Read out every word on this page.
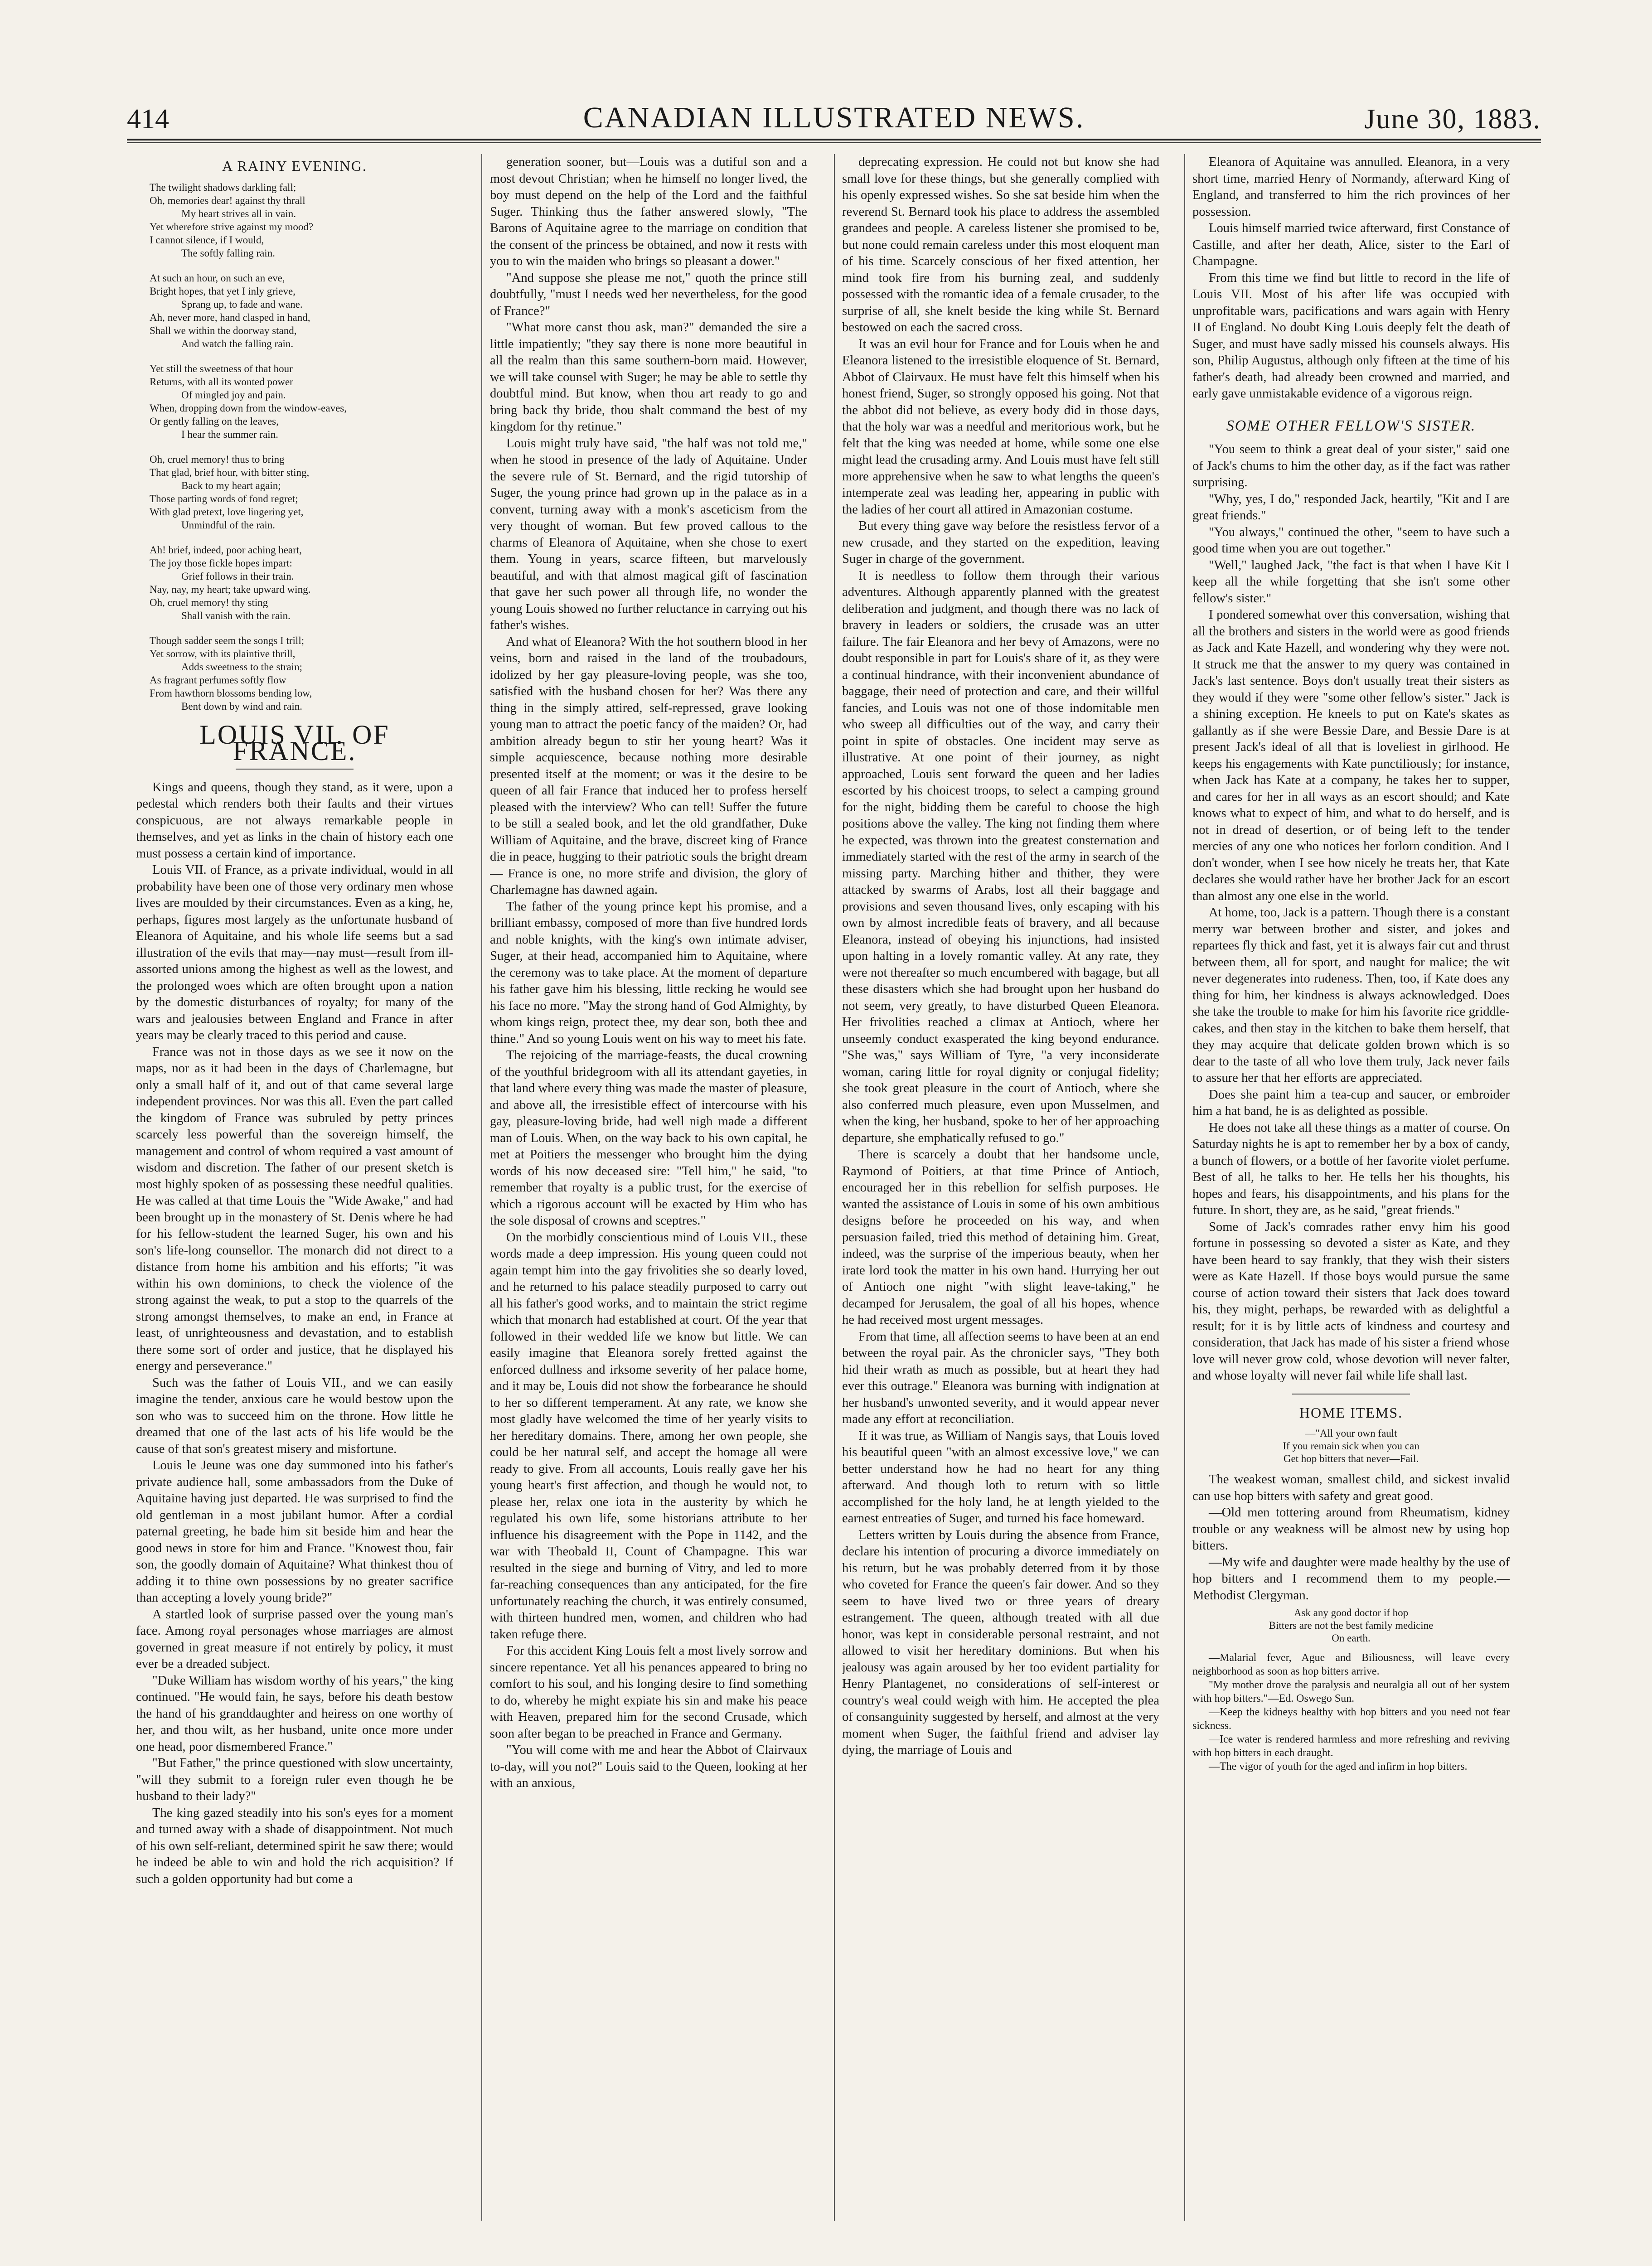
414	CANADIAN ILLUSTRATED NEWS.	June 30, 1883.
A RAINY EVENING.
The twilight shadows darkling fall;
Oh, memories dear! against thy thrall
My heart strives all in vain.
Yet wherefore strive against my mood?
I cannot silence, if I would,
The softly falling rain.
At such an hour, on such an eve,
Bright hopes, that yet I inly grieve,
Sprang up, to fade and wane.
Ah, never more, hand clasped in hand,
Shall we within the doorway stand,
And watch the falling rain.
Yet still the sweetness of that hour
Returns, with all its wonted power
Of mingled joy and pain.
When, dropping down from the window-eaves,
Or gently falling on the leaves,
I hear the summer rain.
Oh, cruel memory! thus to bring
That glad, brief hour, with bitter sting,
Back to my heart again;
Those parting words of fond regret;
With glad pretext, love lingering yet,
Unmindful of the rain.
Ah! brief, indeed, poor aching heart,
The joy those fickle hopes impart:
Grief follows in their train.
Nay, nay, my heart; take upward wing.
Oh, cruel memory! thy sting
Shall vanish with the rain.
Though sadder seem the songs I trill;
Yet sorrow, with its plaintive thrill,
Adds sweetness to the strain;
As fragrant perfumes softly flow
From hawthorn blossoms bending low,
Bent down by wind and rain.
LOUIS VII. OF FRANCE.

Kings and queens, though they stand, as it were, upon a pedestal which renders both their faults and their virtues conspicuous, are not always remarkable people in themselves, and yet as links in the chain of history each one must possess a certain kind of importance.

Louis VII. of France, as a private individual, would in all probability have been one of those very ordinary men whose lives are moulded by their circumstances. Even as a king, he, perhaps, figures most largely as the unfortunate husband of Eleanora of Aquitaine, and his whole life seems but a sad illustration of the evils that may—nay must—result from ill-assorted unions among the highest as well as the lowest, and the prolonged woes which are often brought upon a nation by the domestic disturbances of royalty; for many of the wars and jealousies between England and France in after years may be clearly traced to this period and cause.

France was not in those days as we see it now on the maps, nor as it had been in the days of Charlemagne, but only a small half of it, and out of that came several large independent provinces. Nor was this all. Even the part called the kingdom of France was subruled by petty princes scarcely less powerful than the sovereign himself, the management and control of whom required a vast amount of wisdom and discretion. The father of our present sketch is most highly spoken of as possessing these needful qualities. He was called at that time Louis the "Wide Awake," and had been brought up in the monastery of St. Denis where he had for his fellow-student the learned Suger, his own and his son's life-long counsellor. The monarch did not direct to a distance from home his ambition and his efforts; "it was within his own dominions, to check the violence of the strong against the weak, to put a stop to the quarrels of the strong amongst themselves, to make an end, in France at least, of unrighteousness and devastation, and to establish there some sort of order and justice, that he displayed his energy and perseverance."

Such was the father of Louis VII., and we can easily imagine the tender, anxious care he would bestow upon the son who was to succeed him on the throne. How little he dreamed that one of the last acts of his life would be the cause of that son's greatest misery and misfortune.

Louis le Jeune was one day summoned into his father's private audience hall, some ambassadors from the Duke of Aquitaine having just departed. He was surprised to find the old gentleman in a most jubilant humor. After a cordial paternal greeting, he bade him sit beside him and hear the good news in store for him and France. "Knowest thou, fair son, the goodly domain of Aquitaine? What thinkest thou of adding it to thine own possessions by no greater sacrifice than accepting a lovely young bride?"

A startled look of surprise passed over the young man's face. Among royal personages whose marriages are almost governed in great measure if not entirely by policy, it must ever be a dreaded subject.

"Duke William has wisdom worthy of his years," the king continued. "He would fain, he says, before his death bestow the hand of his granddaughter and heiress on one worthy of her, and thou wilt, as her husband, unite once more under one head, poor dismembered France."

"But Father," the prince questioned with slow uncertainty, "will they submit to a foreign ruler even though he be husband to their lady?"

The king gazed steadily into his son's eyes for a moment and turned away with a shade of disappointment. Not much of his own self-reliant, determined spirit he saw there; would he indeed be able to win and hold the rich acquisition? If such a golden opportunity had but come a

generation sooner, but—Louis was a dutiful son and a most devout Christian; when he himself no longer lived, the boy must depend on the help of the Lord and the faithful Suger. Thinking thus the father answered slowly, "The Barons of Aquitaine agree to the marriage on condition that the consent of the princess be obtained, and now it rests with you to win the maiden who brings so pleasant a dower."

"And suppose she please me not," quoth the prince still doubtfully, "must I needs wed her nevertheless, for the good of France?"

"What more canst thou ask, man?" demanded the sire a little impatiently; "they say there is none more beautiful in all the realm than this same southern-born maid. However, we will take counsel with Suger; he may be able to settle thy doubtful mind. But know, when thou art ready to go and bring back thy bride, thou shalt command the best of my kingdom for thy retinue."

Louis might truly have said, "the half was not told me," when he stood in presence of the lady of Aquitaine. Under the severe rule of St. Bernard, and the rigid tutorship of Suger, the young prince had grown up in the palace as in a convent, turning away with a monk's asceticism from the very thought of woman. But few proved callous to the charms of Eleanora of Aquitaine, when she chose to exert them. Young in years, scarce fifteen, but marvelously beautiful, and with that almost magical gift of fascination that gave her such power all through life, no wonder the young Louis showed no further reluctance in carrying out his father's wishes.

And what of Eleanora? With the hot southern blood in her veins, born and raised in the land of the troubadours, idolized by her gay pleasure-loving people, was she too, satisfied with the husband chosen for her? Was there any thing in the simply attired, self-repressed, grave looking young man to attract the poetic fancy of the maiden? Or, had ambition already begun to stir her young heart? Was it simple acquiescence, because nothing more desirable presented itself at the moment; or was it the desire to be queen of all fair France that induced her to profess herself pleased with the interview? Who can tell! Suffer the future to be still a sealed book, and let the old grandfather, Duke William of Aquitaine, and the brave, discreet king of France die in peace, hugging to their patriotic souls the bright dream — France is one, no more strife and division, the glory of Charlemagne has dawned again.

The father of the young prince kept his promise, and a brilliant embassy, composed of more than five hundred lords and noble knights, with the king's own intimate adviser, Suger, at their head, accompanied him to Aquitaine, where the ceremony was to take place. At the moment of departure his father gave him his blessing, little recking he would see his face no more. "May the strong hand of God Almighty, by whom kings reign, protect thee, my dear son, both thee and thine." And so young Louis went on his way to meet his fate.

The rejoicing of the marriage-feasts, the ducal crowning of the youthful bridegroom with all its attendant gayeties, in that land where every thing was made the master of pleasure, and above all, the irresistible effect of intercourse with his gay, pleasure-loving bride, had well nigh made a different man of Louis. When, on the way back to his own capital, he met at Poitiers the messenger who brought him the dying words of his now deceased sire: "Tell him," he said, "to remember that royalty is a public trust, for the exercise of which a rigorous account will be exacted by Him who has the sole disposal of crowns and sceptres."

On the morbidly conscientious mind of Louis VII., these words made a deep impression. His young queen could not again tempt him into the gay frivolities she so dearly loved, and he returned to his palace steadily purposed to carry out all his father's good works, and to maintain the strict regime which that monarch had established at court. Of the year that followed in their wedded life we know but little. We can easily imagine that Eleanora sorely fretted against the enforced dullness and irksome severity of her palace home, and it may be, Louis did not show the forbearance he should to her so different temperament. At any rate, we know she most gladly have welcomed the time of her yearly visits to her hereditary domains. There, among her own people, she could be her natural self, and accept the homage all were ready to give. From all accounts, Louis really gave her his young heart's first affection, and though he would not, to please her, relax one iota in the austerity by which he regulated his own life, some historians attribute to her influence his disagreement with the Pope in 1142, and the war with Theobald II, Count of Champagne. This war resulted in the siege and burning of Vitry, and led to more far-reaching consequences than any anticipated, for the fire unfortunately reaching the church, it was entirely consumed, with thirteen hundred men, women, and children who had taken refuge there.

For this accident King Louis felt a most lively sorrow and sincere repentance. Yet all his penances appeared to bring no comfort to his soul, and his longing desire to find something to do, whereby he might expiate his sin and make his peace with Heaven, prepared him for the second Crusade, which soon after began to be preached in France and Germany.

"You will come with me and hear the Abbot of Clairvaux to-day, will you not?" Louis said to the Queen, looking at her with an anxious,

deprecating expression. He could not but know she had small love for these things, but she generally complied with his openly expressed wishes. So she sat beside him when the reverend St. Bernard took his place to address the assembled grandees and people. A careless listener she promised to be, but none could remain careless under this most eloquent man of his time. Scarcely conscious of her fixed attention, her mind took fire from his burning zeal, and suddenly possessed with the romantic idea of a female crusader, to the surprise of all, she knelt beside the king while St. Bernard bestowed on each the sacred cross.

It was an evil hour for France and for Louis when he and Eleanora listened to the irresistible eloquence of St. Bernard, Abbot of Clairvaux. He must have felt this himself when his honest friend, Suger, so strongly opposed his going. Not that the abbot did not believe, as every body did in those days, that the holy war was a needful and meritorious work, but he felt that the king was needed at home, while some one else might lead the crusading army. And Louis must have felt still more apprehensive when he saw to what lengths the queen's intemperate zeal was leading her, appearing in public with the ladies of her court all attired in Amazonian costume.

But every thing gave way before the resistless fervor of a new crusade, and they started on the expedition, leaving Suger in charge of the government.

It is needless to follow them through their various adventures. Although apparently planned with the greatest deliberation and judgment, and though there was no lack of bravery in leaders or soldiers, the crusade was an utter failure. The fair Eleanora and her bevy of Amazons, were no doubt responsible in part for Louis's share of it, as they were a continual hindrance, with their inconvenient abundance of baggage, their need of protection and care, and their willful fancies, and Louis was not one of those indomitable men who sweep all difficulties out of the way, and carry their point in spite of obstacles. One incident may serve as illustrative. At one point of their journey, as night approached, Louis sent forward the queen and her ladies escorted by his choicest troops, to select a camping ground for the night, bidding them be careful to choose the high positions above the valley. The king not finding them where he expected, was thrown into the greatest consternation and immediately started with the rest of the army in search of the missing party. Marching hither and thither, they were attacked by swarms of Arabs, lost all their baggage and provisions and seven thousand lives, only escaping with his own by almost incredible feats of bravery, and all because Eleanora, instead of obeying his injunctions, had insisted upon halting in a lovely romantic valley. At any rate, they were not thereafter so much encumbered with bagage, but all these disasters which she had brought upon her husband do not seem, very greatly, to have disturbed Queen Eleanora. Her frivolities reached a climax at Antioch, where her unseemly conduct exasperated the king beyond endurance. "She was," says William of Tyre, "a very inconsiderate woman, caring little for royal dignity or conjugal fidelity; she took great pleasure in the court of Antioch, where she also conferred much pleasure, even upon Musselmen, and when the king, her husband, spoke to her of her approaching departure, she emphatically refused to go."

There is scarcely a doubt that her handsome uncle, Raymond of Poitiers, at that time Prince of Antioch, encouraged her in this rebellion for selfish purposes. He wanted the assistance of Louis in some of his own ambitious designs before he proceeded on his way, and when persuasion failed, tried this method of detaining him. Great, indeed, was the surprise of the imperious beauty, when her irate lord took the matter in his own hand. Hurrying her out of Antioch one night "with slight leave-taking," he decamped for Jerusalem, the goal of all his hopes, whence he had received most urgent messages.

From that time, all affection seems to have been at an end between the royal pair. As the chronicler says, "They both hid their wrath as much as possible, but at heart they had ever this outrage." Eleanora was burning with indignation at her husband's unwonted severity, and it would appear never made any effort at reconciliation.

If it was true, as William of Nangis says, that Louis loved his beautiful queen "with an almost excessive love," we can better understand how he had no heart for any thing afterward. And though loth to return with so little accomplished for the holy land, he at length yielded to the earnest entreaties of Suger, and turned his face homeward.

Letters written by Louis during the absence from France, declare his intention of procuring a divorce immediately on his return, but he was probably deterred from it by those who coveted for France the queen's fair dower. And so they seem to have lived two or three years of dreary estrangement. The queen, although treated with all due honor, was kept in considerable personal restraint, and not allowed to visit her hereditary dominions. But when his jealousy was again aroused by her too evident partiality for Henry Plantagenet, no considerations of self-interest or country's weal could weigh with him. He accepted the plea of consanguinity suggested by herself, and almost at the very moment when Suger, the faithful friend and adviser lay dying, the marriage of Louis and

Eleanora of Aquitaine was annulled. Eleanora, in a very short time, married Henry of Normandy, afterward King of England, and transferred to him the rich provinces of her possession.

Louis himself married twice afterward, first Constance of Castille, and after her death, Alice, sister to the Earl of Champagne.

From this time we find but little to record in the life of Louis VII. Most of his after life was occupied with unprofitable wars, pacifications and wars again with Henry II of England. No doubt King Louis deeply felt the death of Suger, and must have sadly missed his counsels always. His son, Philip Augustus, although only fifteen at the time of his father's death, had already been crowned and married, and early gave unmistakable evidence of a vigorous reign.

SOME OTHER FELLOW'S SISTER.

"You seem to think a great deal of your sister," said one of Jack's chums to him the other day, as if the fact was rather surprising.

"Why, yes, I do," responded Jack, heartily, "Kit and I are great friends."

"You always," continued the other, "seem to have such a good time when you are out together."

"Well," laughed Jack, "the fact is that when I have Kit I keep all the while forgetting that she isn't some other fellow's sister."

I pondered somewhat over this conversation, wishing that all the brothers and sisters in the world were as good friends as Jack and Kate Hazell, and wondering why they were not. It struck me that the answer to my query was contained in Jack's last sentence. Boys don't usually treat their sisters as they would if they were "some other fellow's sister." Jack is a shining exception. He kneels to put on Kate's skates as gallantly as if she were Bessie Dare, and Bessie Dare is at present Jack's ideal of all that is loveliest in girlhood. He keeps his engagements with Kate punctiliously; for instance, when Jack has Kate at a company, he takes her to supper, and cares for her in all ways as an escort should; and Kate knows what to expect of him, and what to do herself, and is not in dread of desertion, or of being left to the tender mercies of any one who notices her forlorn condition. And I don't wonder, when I see how nicely he treats her, that Kate declares she would rather have her brother Jack for an escort than almost any one else in the world.

At home, too, Jack is a pattern. Though there is a constant merry war between brother and sister, and jokes and repartees fly thick and fast, yet it is always fair cut and thrust between them, all for sport, and naught for malice; the wit never degenerates into rudeness. Then, too, if Kate does any thing for him, her kindness is always acknowledged. Does she take the trouble to make for him his favorite rice griddle-cakes, and then stay in the kitchen to bake them herself, that they may acquire that delicate golden brown which is so dear to the taste of all who love them truly, Jack never fails to assure her that her efforts are appreciated.

Does she paint him a tea-cup and saucer, or embroider him a hat band, he is as delighted as possible.

He does not take all these things as a matter of course. On Saturday nights he is apt to remember her by a box of candy, a bunch of flowers, or a bottle of her favorite violet perfume. Best of all, he talks to her. He tells her his thoughts, his hopes and fears, his disappointments, and his plans for the future. In short, they are, as he said, "great friends."

Some of Jack's comrades rather envy him his good fortune in possessing so devoted a sister as Kate, and they have been heard to say frankly, that they wish their sisters were as Kate Hazell. If those boys would pursue the same course of action toward their sisters that Jack does toward his, they might, perhaps, be rewarded with as delightful a result; for it is by little acts of kindness and courtesy and consideration, that Jack has made of his sister a friend whose love will never grow cold, whose devotion will never falter, and whose loyalty will never fail while life shall last.

HOME ITEMS.
—"All your own fault
If you remain sick when you can
Get hop bitters that never—Fail.

The weakest woman, smallest child, and sickest invalid can use hop bitters with safety and great good.

—Old men tottering around from Rheumatism, kidney trouble or any weakness will be almost new by using hop bitters.

—My wife and daughter were made healthy by the use of hop bitters and I recommend them to my people.—Methodist Clergyman.

Ask any good doctor if hop
Bitters are not the best family medicine
On earth.

—Malarial fever, Ague and Biliousness, will leave every neighborhood as soon as hop bitters arrive.

"My mother drove the paralysis and neuralgia all out of her system with hop bitters."—Ed. Oswego Sun.

—Keep the kidneys healthy with hop bitters and you need not fear sickness.

—Ice water is rendered harmless and more refreshing and reviving with hop bitters in each draught.

—The vigor of youth for the aged and infirm in hop bitters.
